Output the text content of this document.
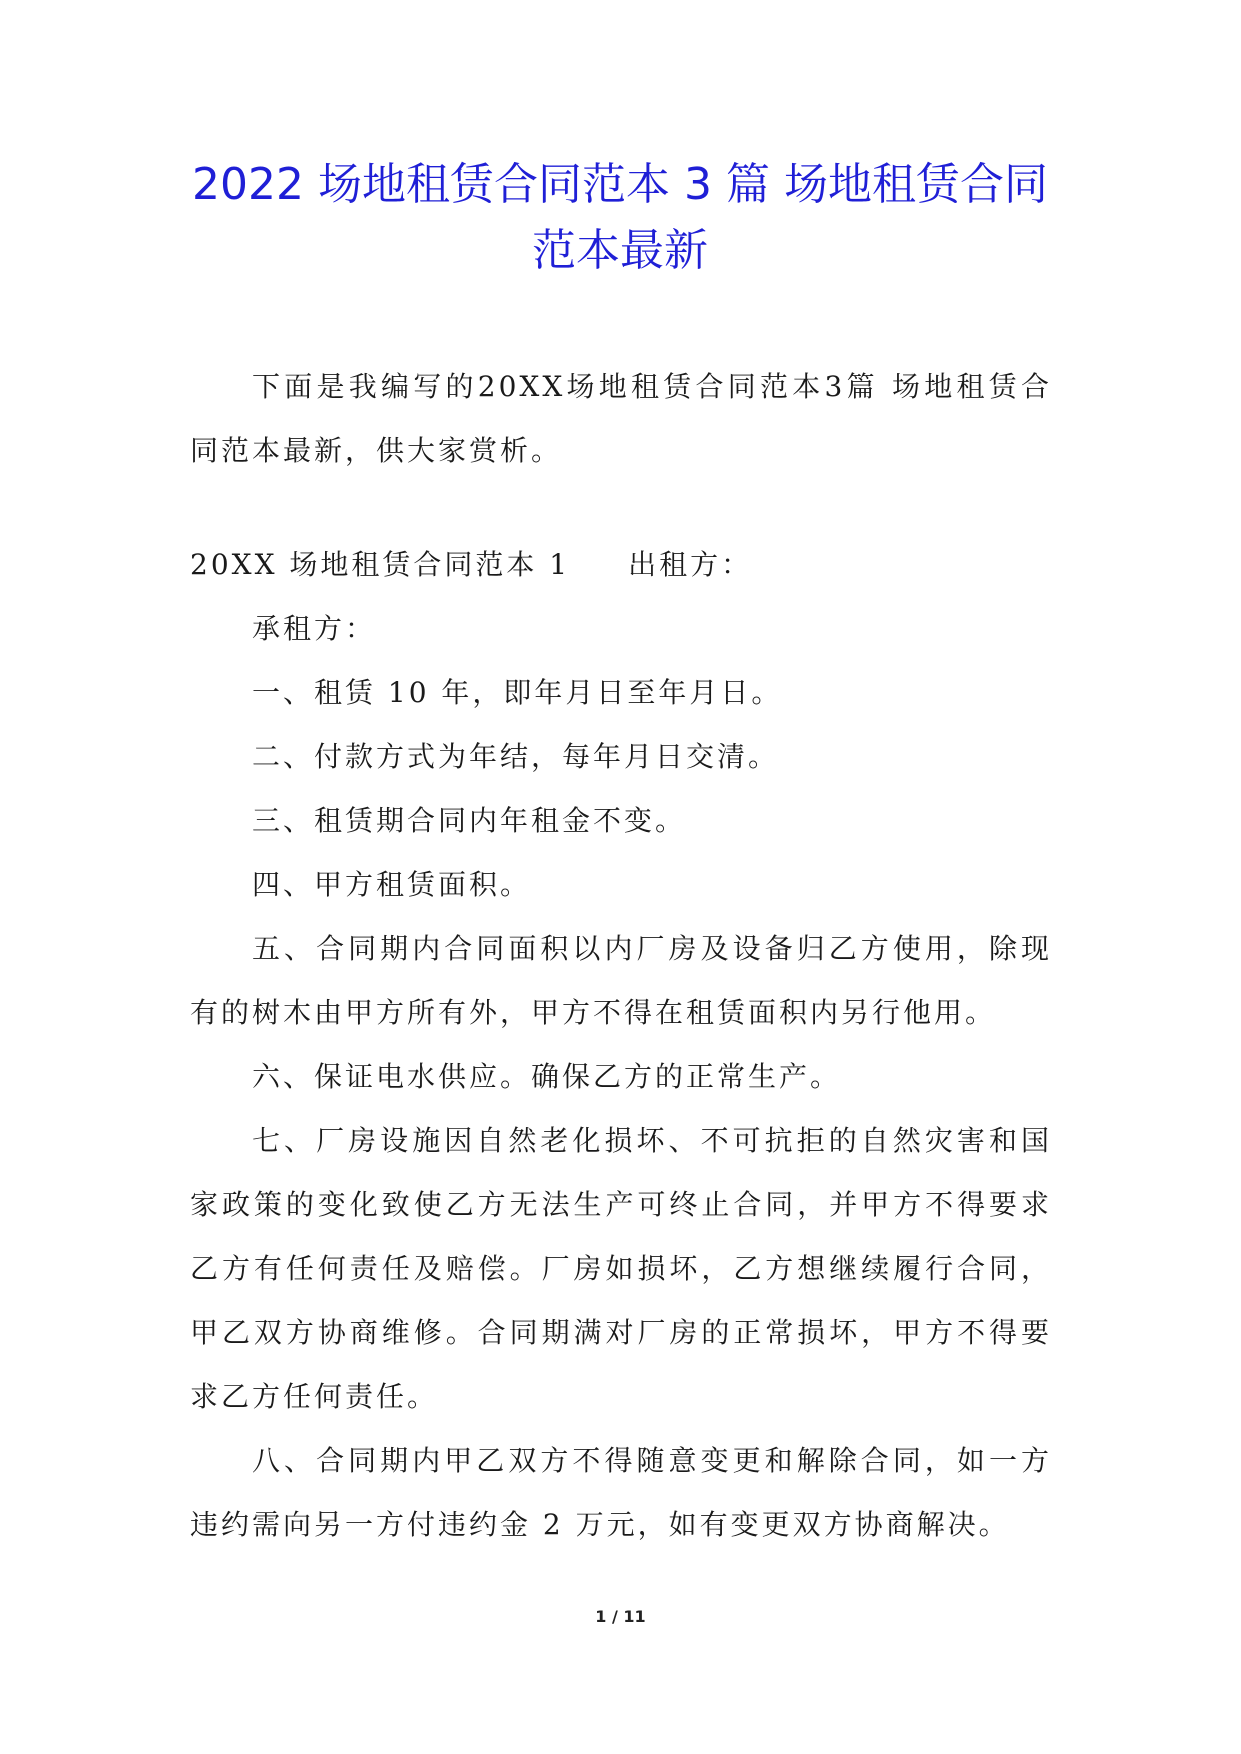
2022 场地租赁合同范本 3 篇 场地租赁合同范本最新

下面是我编写的20XX场地租赁合同范本3篇 场地租赁合同范本最新，供大家赏析。

20XX 场地租赁合同范本 1 出租方：

承租方：

一、租赁 10 年，即年月日至年月日。

二、付款方式为年结，每年月日交清。

三、租赁期合同内年租金不变。

四、甲方租赁面积。

五、合同期内合同面积以内厂房及设备归乙方使用，除现有的树木由甲方所有外，甲方不得在租赁面积内另行他用。

六、保证电水供应。确保乙方的正常生产。

七、厂房设施因自然老化损坏、不可抗拒的自然灾害和国家政策的变化致使乙方无法生产可终止合同，并甲方不得要求乙方有任何责任及赔偿。厂房如损坏，乙方想继续履行合同，甲乙双方协商维修。合同期满对厂房的正常损坏，甲方不得要求乙方任何责任。

八、合同期内甲乙双方不得随意变更和解除合同，如一方违约需向另一方付违约金 2 万元，如有变更双方协商解决。

1 / 11
